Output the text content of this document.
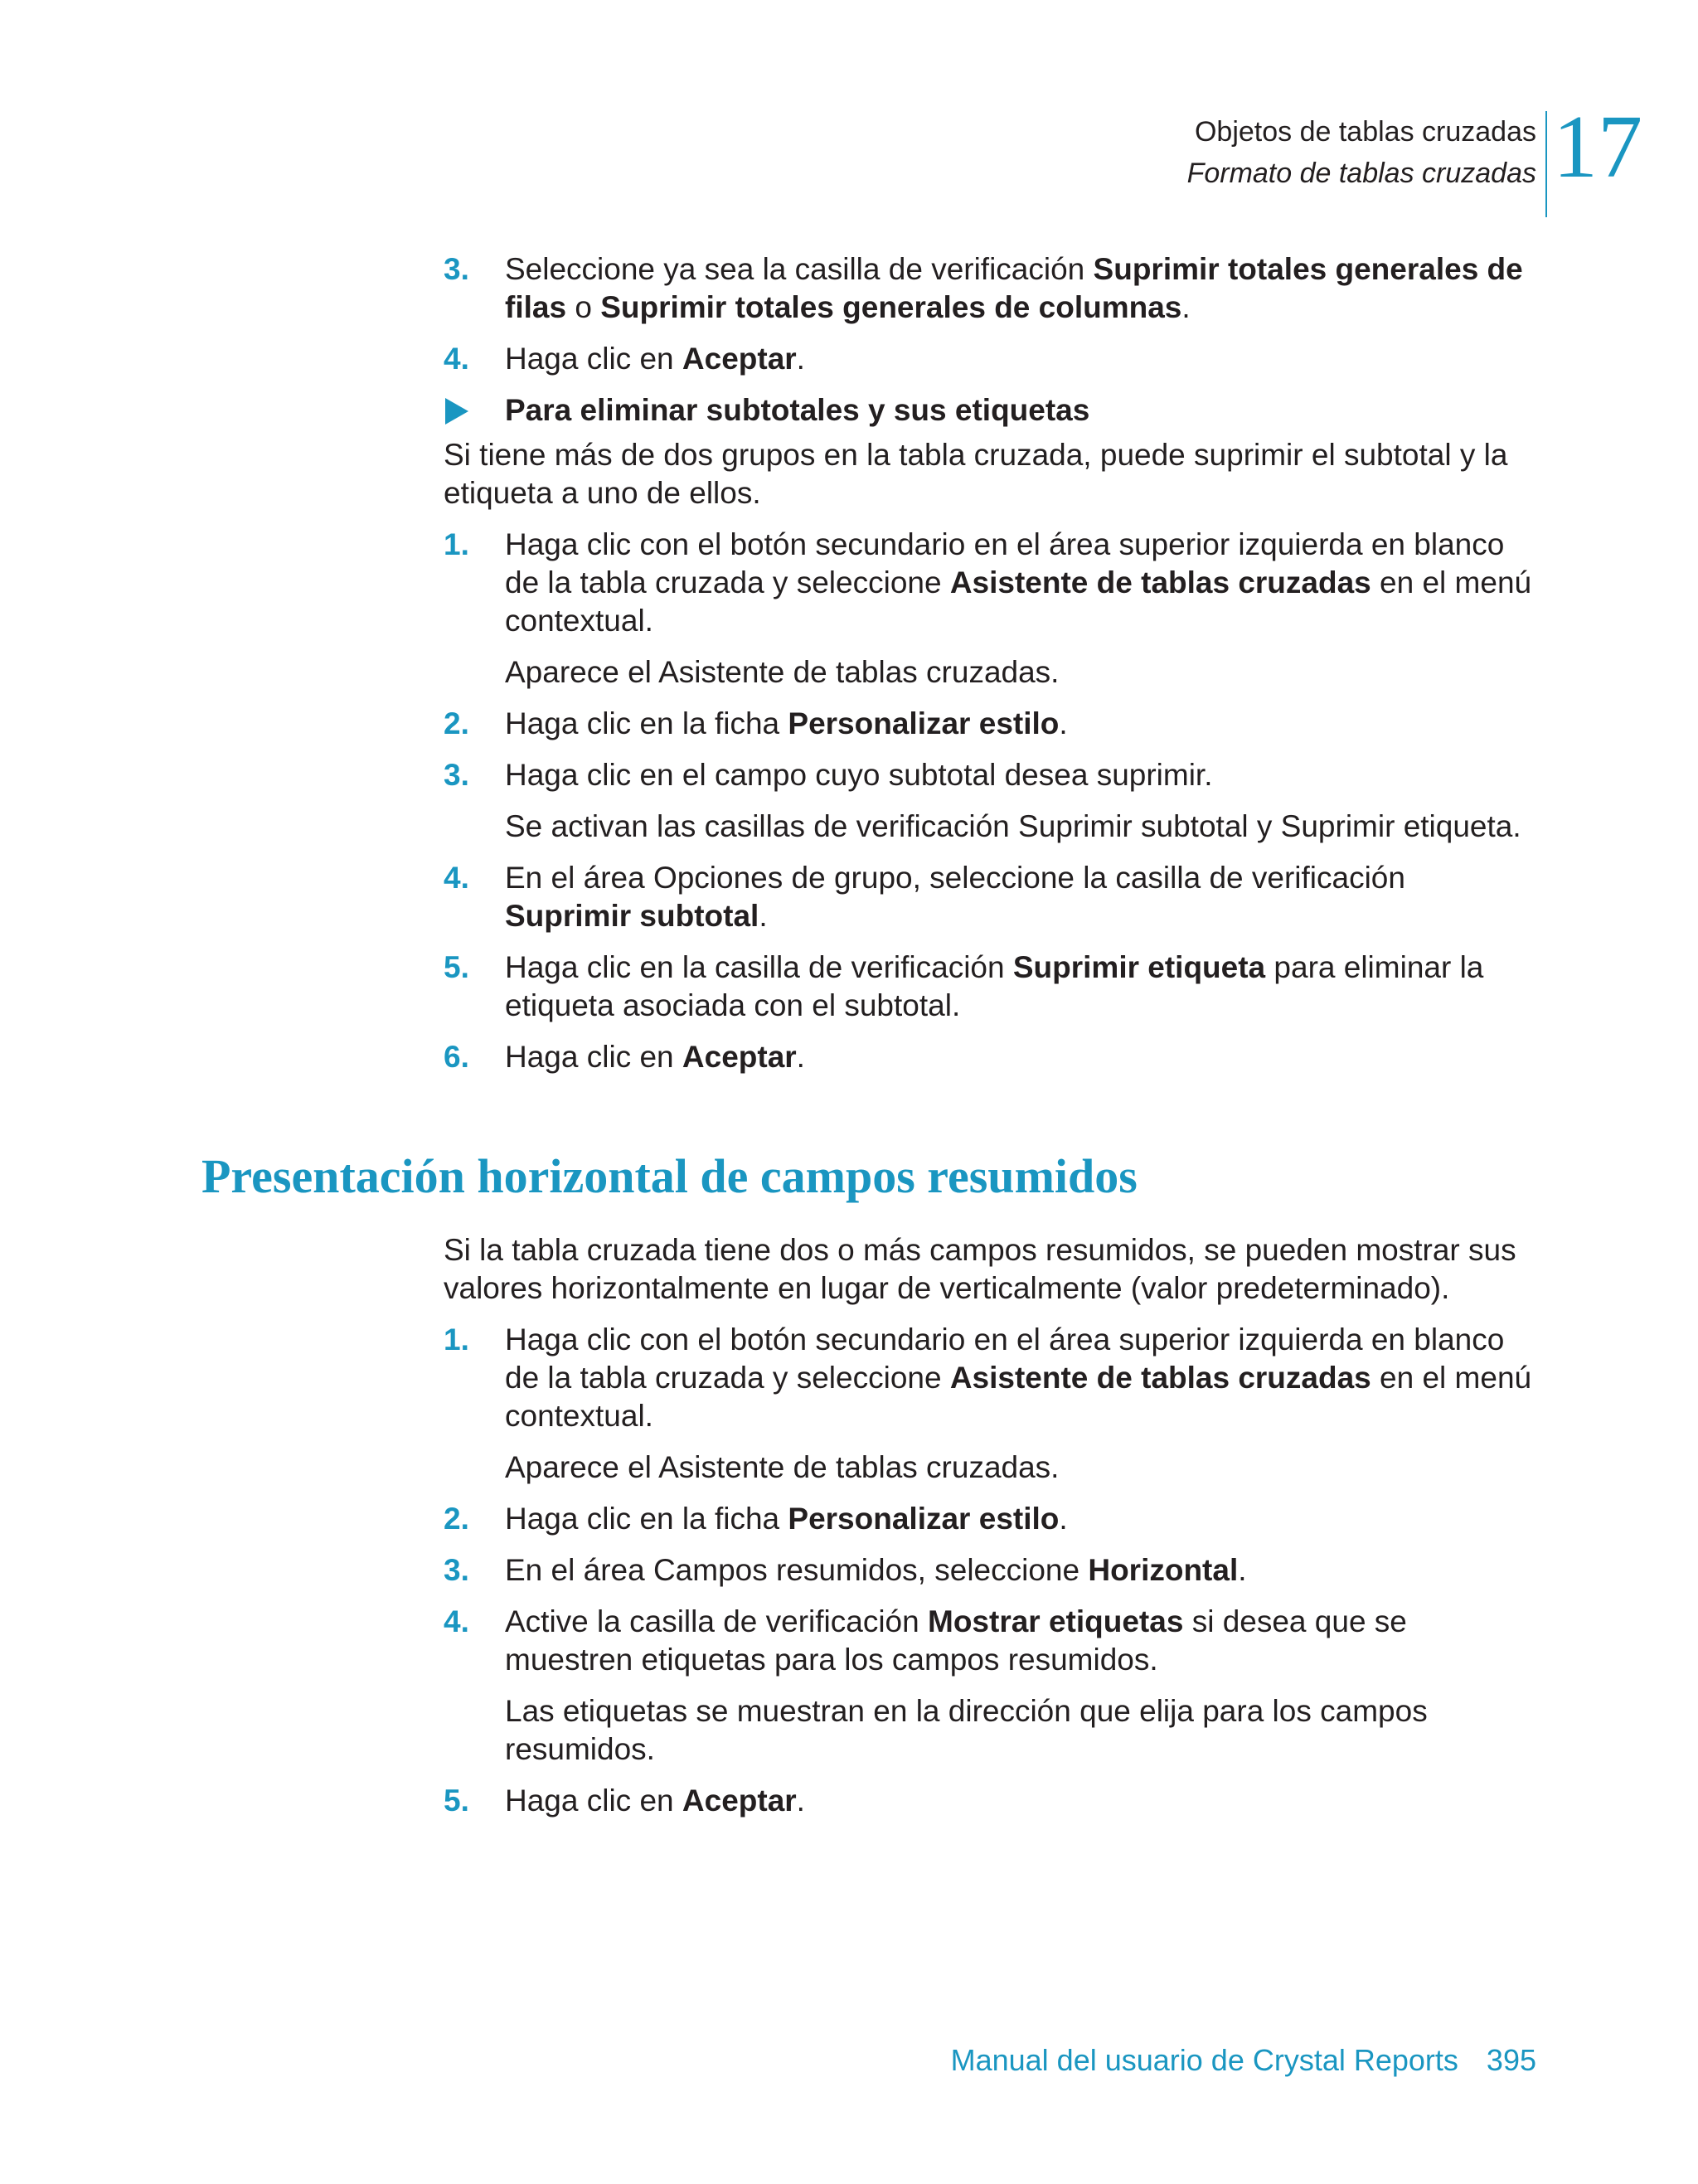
Objetos de tablas cruzadas
Formato de tablas cruzadas 17
3. Seleccione ya sea la casilla de verificación Suprimir totales generales de filas o Suprimir totales generales de columnas.
4. Haga clic en Aceptar.
Para eliminar subtotales y sus etiquetas
Si tiene más de dos grupos en la tabla cruzada, puede suprimir el subtotal y la etiqueta a uno de ellos.
1. Haga clic con el botón secundario en el área superior izquierda en blanco de la tabla cruzada y seleccione Asistente de tablas cruzadas en el menú contextual.
Aparece el Asistente de tablas cruzadas.
2. Haga clic en la ficha Personalizar estilo.
3. Haga clic en el campo cuyo subtotal desea suprimir.
Se activan las casillas de verificación Suprimir subtotal y Suprimir etiqueta.
4. En el área Opciones de grupo, seleccione la casilla de verificación Suprimir subtotal.
5. Haga clic en la casilla de verificación Suprimir etiqueta para eliminar la etiqueta asociada con el subtotal.
6. Haga clic en Aceptar.
Presentación horizontal de campos resumidos
Si la tabla cruzada tiene dos o más campos resumidos, se pueden mostrar sus valores horizontalmente en lugar de verticalmente (valor predeterminado).
1. Haga clic con el botón secundario en el área superior izquierda en blanco de la tabla cruzada y seleccione Asistente de tablas cruzadas en el menú contextual.
Aparece el Asistente de tablas cruzadas.
2. Haga clic en la ficha Personalizar estilo.
3. En el área Campos resumidos, seleccione Horizontal.
4. Active la casilla de verificación Mostrar etiquetas si desea que se muestren etiquetas para los campos resumidos.
Las etiquetas se muestran en la dirección que elija para los campos resumidos.
5. Haga clic en Aceptar.
Manual del usuario de Crystal Reports 395
